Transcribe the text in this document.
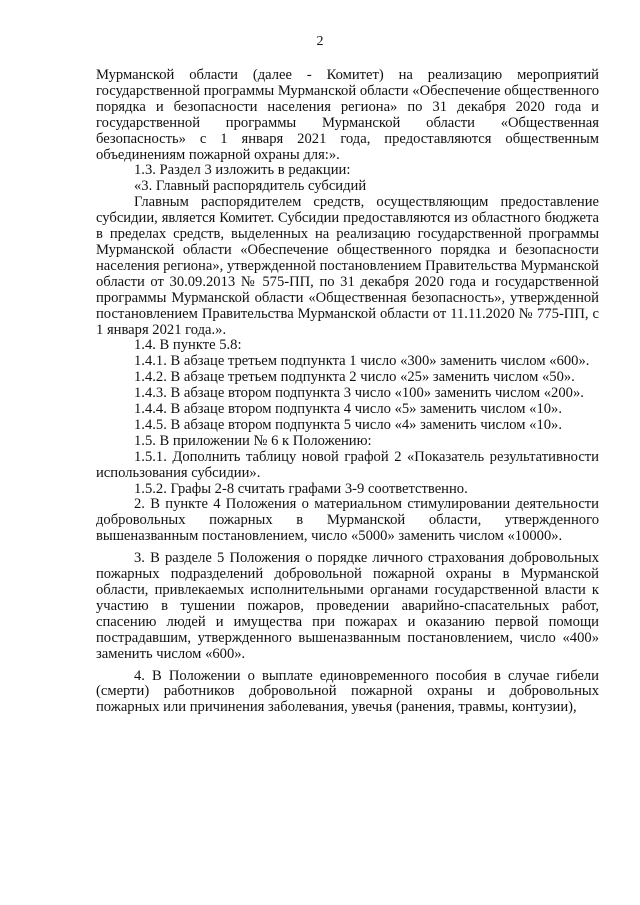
2

Мурманской области (далее - Комитет) на реализацию мероприятий государственной программы Мурманской области «Обеспечение общественного порядка и безопасности населения региона» по 31 декабря 2020 года и государственной программы Мурманской области «Общественная безопасность» с 1 января 2021 года, предоставляются общественным объединениям пожарной охраны для:».

1.3. Раздел 3 изложить в редакции:

«3. Главный распорядитель субсидий

Главным распорядителем средств, осуществляющим предоставление субсидии, является Комитет. Субсидии предоставляются из областного бюджета в пределах средств, выделенных на реализацию государственной программы Мурманской области «Обеспечение общественного порядка и безопасности населения региона», утвержденной постановлением Правительства Мурманской области от 30.09.2013 № 575-ПП, по 31 декабря 2020 года и государственной программы Мурманской области «Общественная безопасность», утвержденной постановлением Правительства Мурманской области от 11.11.2020 № 775-ПП, с 1 января 2021 года.».

1.4. В пункте 5.8:

1.4.1. В абзаце третьем подпункта 1 число «300» заменить числом «600».

1.4.2. В абзаце третьем подпункта 2 число «25» заменить числом «50».

1.4.3. В абзаце втором подпункта 3 число «100» заменить числом «200».

1.4.4. В абзаце втором подпункта 4 число «5» заменить числом «10».

1.4.5. В абзаце втором подпункта 5 число «4» заменить числом «10».

1.5. В приложении № 6 к Положению:

1.5.1. Дополнить таблицу новой графой 2 «Показатель результативности использования субсидии».

1.5.2. Графы 2-8 считать графами 3-9 соответственно.

2. В пункте 4 Положения о материальном стимулировании деятельности добровольных пожарных в Мурманской области, утвержденного вышеназванным постановлением, число «5000» заменить числом «10000».

3. В разделе 5 Положения о порядке личного страхования добровольных пожарных подразделений добровольной пожарной охраны в Мурманской области, привлекаемых исполнительными органами государственной власти к участию в тушении пожаров, проведении аварийно-спасательных работ, спасению людей и имущества при пожарах и оказанию первой помощи пострадавшим, утвержденного вышеназванным постановлением, число «400» заменить числом «600».

4. В Положении о выплате единовременного пособия в случае гибели (смерти) работников добровольной пожарной охраны и добровольных пожарных или причинения заболевания, увечья (ранения, травмы, контузии),
